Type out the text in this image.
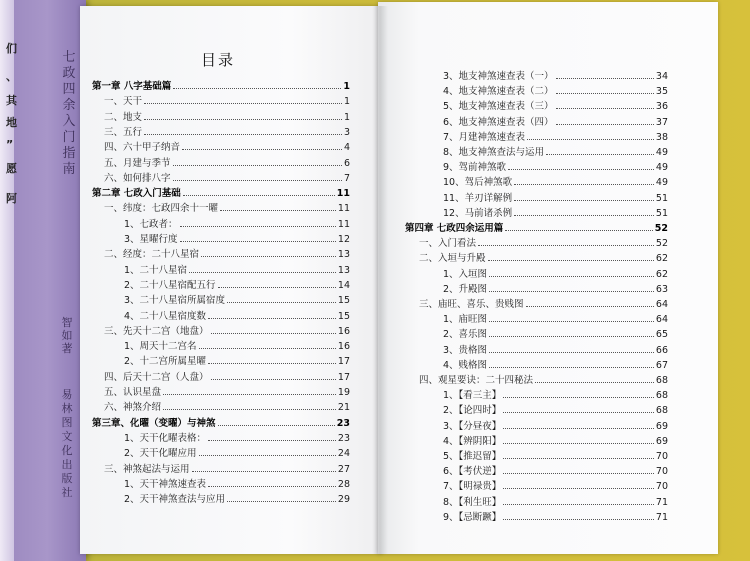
们
、
其
地
”
愿
阿
七政四余入门指南
智如 著
易林图文化出版社
目录
第一章 八字基础篇	1
一、天干	1
二、地支	1
三、五行	3
四、六十甲子纳音	4
五、月建与季节	6
六、如何排八字	7
第二章 七政入门基础	11
一、纬度：七政四余十一曜	11
1、七政者：	11
3、星曜行度	12
二、经度：二十八星宿	13
1、二十八星宿	13
2、二十八星宿配五行	14
3、二十八星宿所属宿度	15
4、二十八星宿度数	15
三、先天十二宫（地盘）	16
1、周天十二宫名	16
2、十二宫所属星曜	17
四、后天十二宫（人盘）	17
五、认识星盘	19
六、神煞介绍	21
第三章、化曜（变曜）与神煞	23
1、天干化曜表格：	23
2、天干化曜应用	24
三、神煞起法与运用	27
1、天干神煞速查表	28
2、天干神煞查法与应用	29
3、地支神煞速查表（一）	34
4、地支神煞速查表（二）	35
5、地支神煞速查表（三）	36
6、地支神煞速查表（四）	37
7、月建神煞速查表	38
8、地支神煞查法与运用	49
9、驾前神煞歌	49
10、驾后神煞歌	49
11、羊刃详解例	51
12、马前诸杀例	51
第四章 七政四余运用篇	52
一、入门看法	52
二、入垣与升殿	62
1、入垣图	62
2、升殿图	63
三、庙旺、喜乐、贵贱图	64
1、庙旺图	64
2、喜乐图	65
3、贵格图	66
4、贱格图	67
四、观星要诀：二十四秘法	68
1、【看三主】	68
2、【论四时】	68
3、【分昼夜】	69
4、【辨阴阳】	69
5、【推迟留】	70
6、【考伏逆】	70
7、【明禄贵】	70
8、【利生旺】	71
9、【忌断蹶】	71
